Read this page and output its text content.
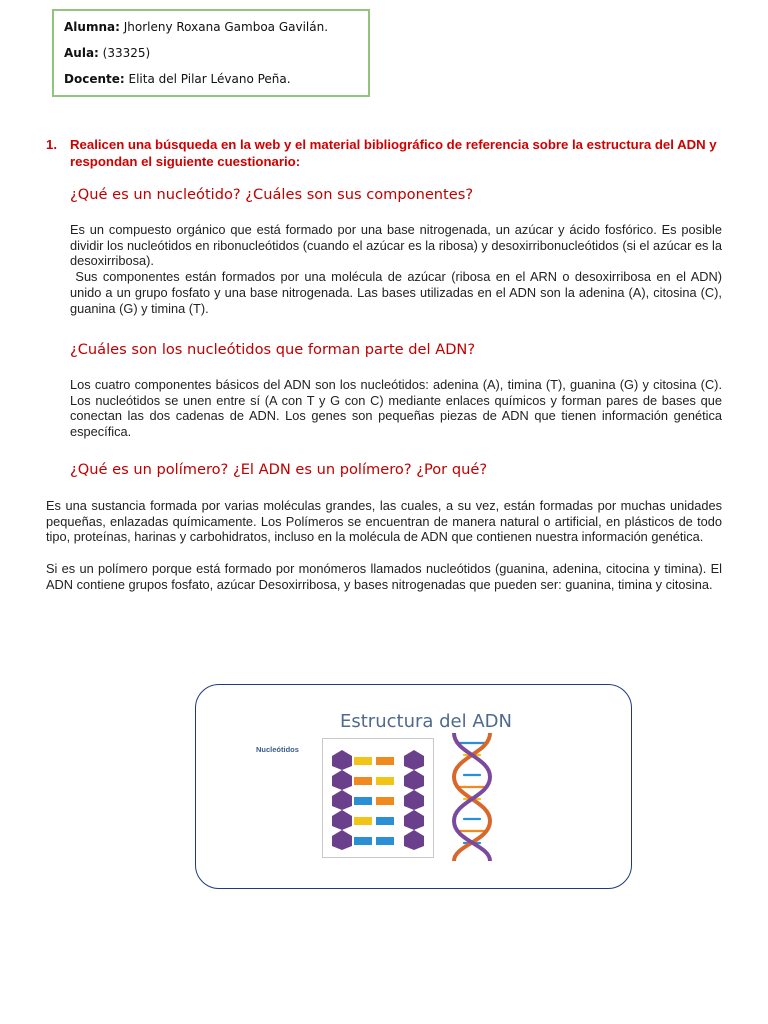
Alumna: Jhorleny Roxana Gamboa Gavilán.
Aula: (33325)
Docente: Elita del Pilar Lévano Peña.
1. Realicen una búsqueda en la web y el material bibliográfico de referencia sobre la estructura del ADN y respondan el siguiente cuestionario:
¿Qué es un nucleótido? ¿Cuáles son sus componentes?

Es un compuesto orgánico que está formado por una base nitrogenada, un azúcar y ácido fosfórico. Es posible dividir los nucleótidos en ribonucleótidos (cuando el azúcar es la ribosa) y desoxirribonucleótidos (si el azúcar es la desoxirribosa).

Sus componentes están formados por una molécula de azúcar (ribosa en el ARN o desoxirribosa en el ADN) unido a un grupo fosfato y una base nitrogenada. Las bases utilizadas en el ADN son la adenina (A), citosina (C), guanina (G) y timina (T).

¿Cuáles son los nucleótidos que forman parte del ADN?

Los cuatro componentes básicos del ADN son los nucleótidos: adenina (A), timina (T), guanina (G) y citosina (C). Los nucleótidos se unen entre sí (A con T y G con C) mediante enlaces químicos y forman pares de bases que conectan las dos cadenas de ADN. Los genes son pequeñas piezas de ADN que tienen información genética específica.

¿Qué es un polímero? ¿El ADN es un polímero? ¿Por qué?

Es una sustancia formada por varias moléculas grandes, las cuales, a su vez, están formadas por muchas unidades pequeñas, enlazadas químicamente. Los Polímeros se encuentran de manera natural o artificial, en plásticos de todo tipo, proteínas, harinas y carbohidratos, incluso en la molécula de ADN que contienen nuestra información genética.

Si es un polímero porque está formado por monómeros llamados nucleótidos (guanina, adenina, citocina y timina). El ADN contiene grupos fosfato, azúcar Desoxirribosa, y bases nitrogenadas que pueden ser: guanina, timina y citosina.

Estructura del ADN
Nucleótidos
